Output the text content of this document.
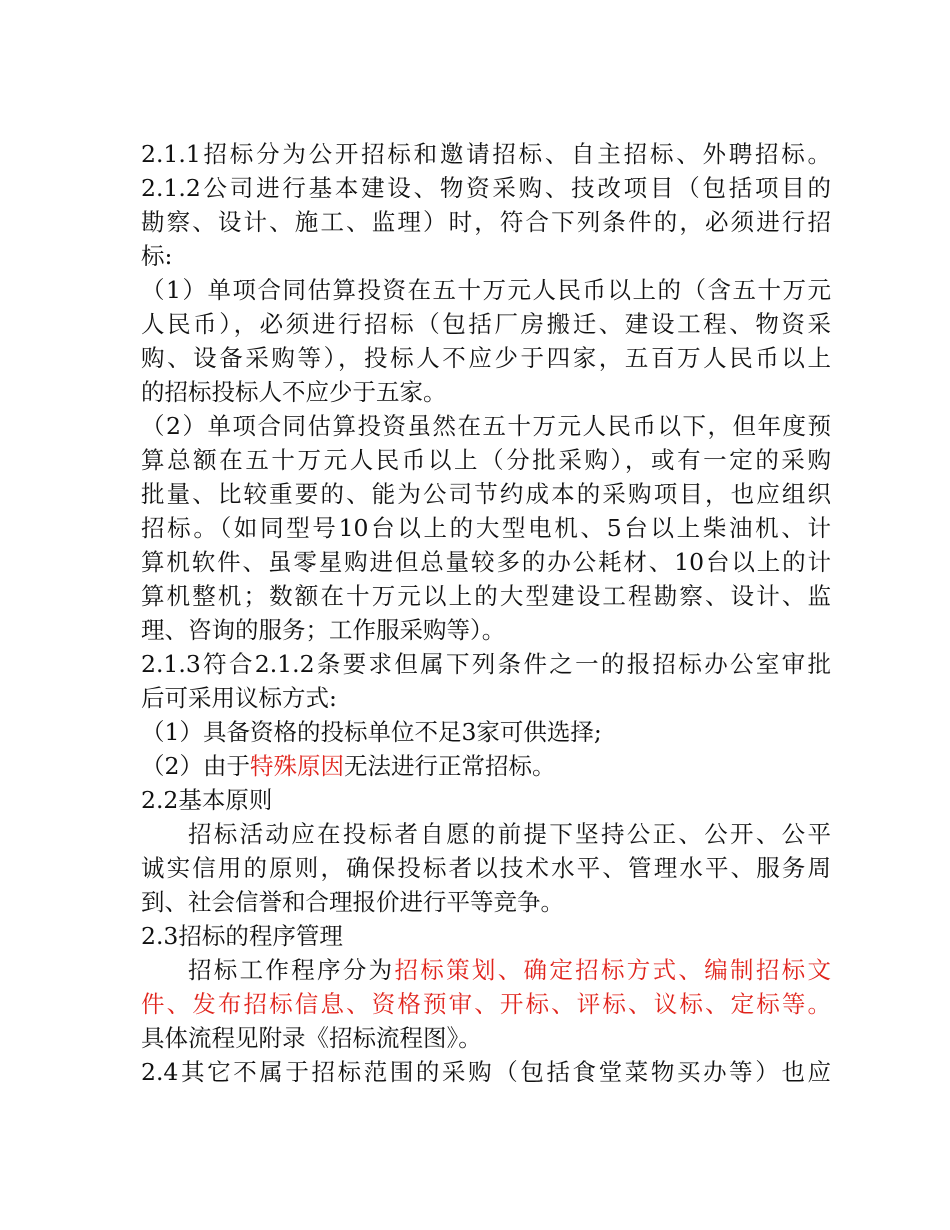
2.1.1招标分为公开招标和邀请招标、自主招标、外聘招标。
2.1.2公司进行基本建设、物资采购、技改项目（包括项目的
勘察、设计、施工、监理）时，符合下列条件的，必须进行招
标:
（1）单项合同估算投资在五十万元人民币以上的（含五十万元
人民币），必须进行招标（包括厂房搬迁、建设工程、物资采
购、设备采购等），投标人不应少于四家，五百万人民币以上
的招标投标人不应少于五家。
（2）单项合同估算投资虽然在五十万元人民币以下，但年度预
算总额在五十万元人民币以上（分批采购），或有一定的采购
批量、比较重要的、能为公司节约成本的采购项目，也应组织
招标。（如同型号10台以上的大型电机、5台以上柴油机、计
算机软件、虽零星购进但总量较多的办公耗材、10台以上的计
算机整机；数额在十万元以上的大型建设工程勘察、设计、监
理、咨询的服务；工作服采购等）。
2.1.3符合2.1.2条要求但属下列条件之一的报招标办公室审批
后可采用议标方式:
（1）具备资格的投标单位不足3家可供选择;
（2）由于特殊原因无法进行正常招标。
2.2基本原则
招标活动应在投标者自愿的前提下坚持公正、公开、公平
诚实信用的原则，确保投标者以技术水平、管理水平、服务周
到、社会信誉和合理报价进行平等竞争。
2.3招标的程序管理
招标工作程序分为招标策划、确定招标方式、编制招标文
件、发布招标信息、资格预审、开标、评标、议标、定标等。
具体流程见附录《招标流程图》。
2.4其它不属于招标范围的采购（包括食堂菜物买办等）也应
